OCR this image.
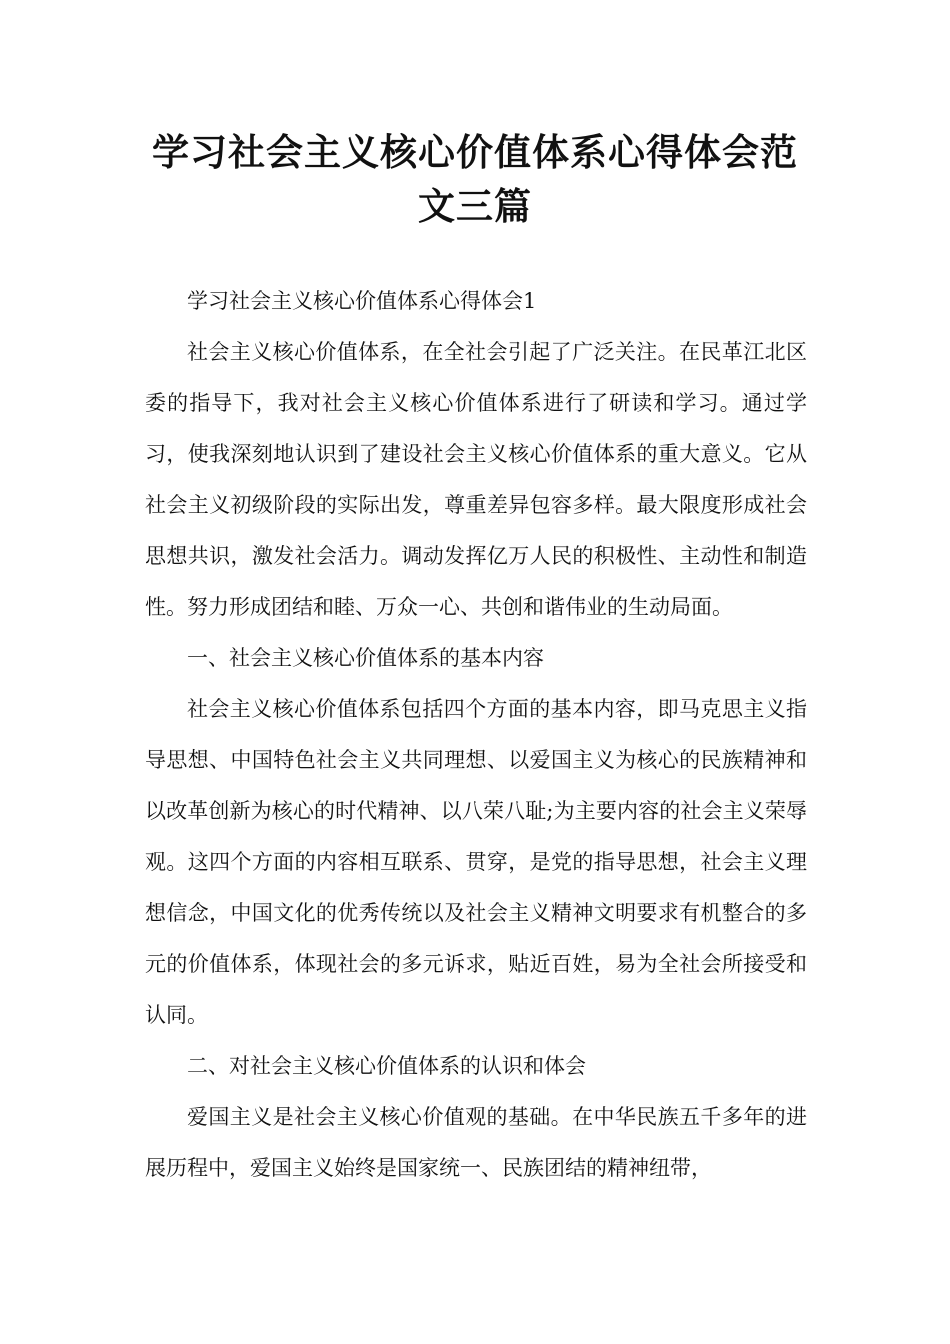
学习社会主义核心价值体系心得体会范
文三篇

学习社会主义核心价值体系心得体会1

社会主义核心价值体系，在全社会引起了广泛关注。在民革江北区委的指导下，我对社会主义核心价值体系进行了研读和学习。通过学习，使我深刻地认识到了建设社会主义核心价值体系的重大意义。它从社会主义初级阶段的实际出发，尊重差异包容多样。最大限度形成社会思想共识，激发社会活力。调动发挥亿万人民的积极性、主动性和制造性。努力形成团结和睦、万众一心、共创和谐伟业的生动局面。

一、社会主义核心价值体系的基本内容

社会主义核心价值体系包括四个方面的基本内容，即马克思主义指导思想、中国特色社会主义共同理想、以爱国主义为核心的民族精神和以改革创新为核心的时代精神、以八荣八耻;为主要内容的社会主义荣辱观。这四个方面的内容相互联系、贯穿，是党的指导思想，社会主义理想信念，中国文化的优秀传统以及社会主义精神文明要求有机整合的多元的价值体系，体现社会的多元诉求，贴近百姓，易为全社会所接受和认同。

二、对社会主义核心价值体系的认识和体会

爱国主义是社会主义核心价值观的基础。在中华民族五千多年的进展历程中，爱国主义始终是国家统一、民族团结的精神纽带，
